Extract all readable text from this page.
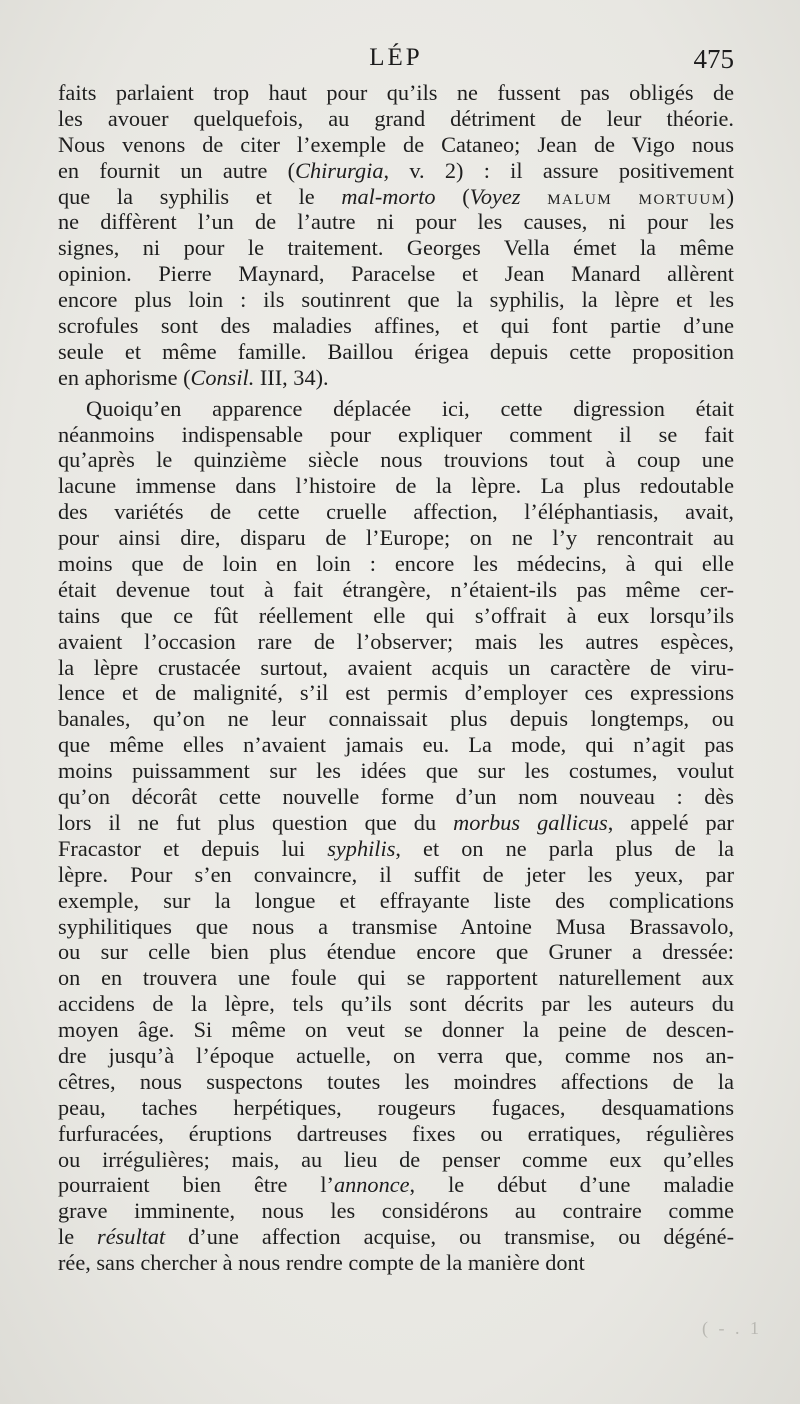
LÉP	475
faits parlaient trop haut pour qu’ils ne fussent pas obligés de
les avouer quelquefois, au grand détriment de leur théorie.
Nous venons de citer l’exemple de Cataneo; Jean de Vigo nous
en fournit un autre (Chirurgia, v. 2) : il assure positivement
que la syphilis et le mal-morto (Voyez MALUM MORTUUM)
ne diffèrent l’un de l’autre ni pour les causes, ni pour les
signes, ni pour le traitement. Georges Vella émet la même
opinion. Pierre Maynard, Paracelse et Jean Manard allèrent
encore plus loin : ils soutinrent que la syphilis, la lèpre et les
scrofules sont des maladies affines, et qui font partie d’une
seule et même famille. Baillou érigea depuis cette proposition
en aphorisme (Consil. III, 34).
Quoiqu’en apparence déplacée ici, cette digression était
néanmoins indispensable pour expliquer comment il se fait
qu’après le quinzième siècle nous trouvions tout à coup une
lacune immense dans l’histoire de la lèpre. La plus redoutable
des variétés de cette cruelle affection, l’éléphantiasis, avait,
pour ainsi dire, disparu de l’Europe; on ne l’y rencontrait au
moins que de loin en loin : encore les médecins, à qui elle
était devenue tout à fait étrangère, n’étaient-ils pas même cer-
tains que ce fût réellement elle qui s’offrait à eux lorsqu’ils
avaient l’occasion rare de l’observer; mais les autres espèces,
la lèpre crustacée surtout, avaient acquis un caractère de viru-
lence et de malignité, s’il est permis d’employer ces expressions
banales, qu’on ne leur connaissait plus depuis longtemps, ou
que même elles n’avaient jamais eu. La mode, qui n’agit pas
moins puissamment sur les idées que sur les costumes, voulut
qu’on décorât cette nouvelle forme d’un nom nouveau : dès
lors il ne fut plus question que du morbus gallicus, appelé par
Fracastor et depuis lui syphilis, et on ne parla plus de la
lèpre. Pour s’en convaincre, il suffit de jeter les yeux, par
exemple, sur la longue et effrayante liste des complications
syphilitiques que nous a transmise Antoine Musa Brassavolo,
ou sur celle bien plus étendue encore que Gruner a dressée:
on en trouvera une foule qui se rapportent naturellement aux
accidens de la lèpre, tels qu’ils sont décrits par les auteurs du
moyen âge. Si même on veut se donner la peine de descen-
dre jusqu’à l’époque actuelle, on verra que, comme nos an-
cêtres, nous suspectons toutes les moindres affections de la
peau, taches herpétiques, rougeurs fugaces, desquamations
furfuracées, éruptions dartreuses fixes ou erratiques, régulières
ou irrégulières; mais, au lieu de penser comme eux qu’elles
pourraient bien être l’annonce, le début d’une maladie
grave imminente, nous les considérons au contraire comme
le résultat d’une affection acquise, ou transmise, ou dégéné-
rée, sans chercher à nous rendre compte de la manière dont
( - . 1
